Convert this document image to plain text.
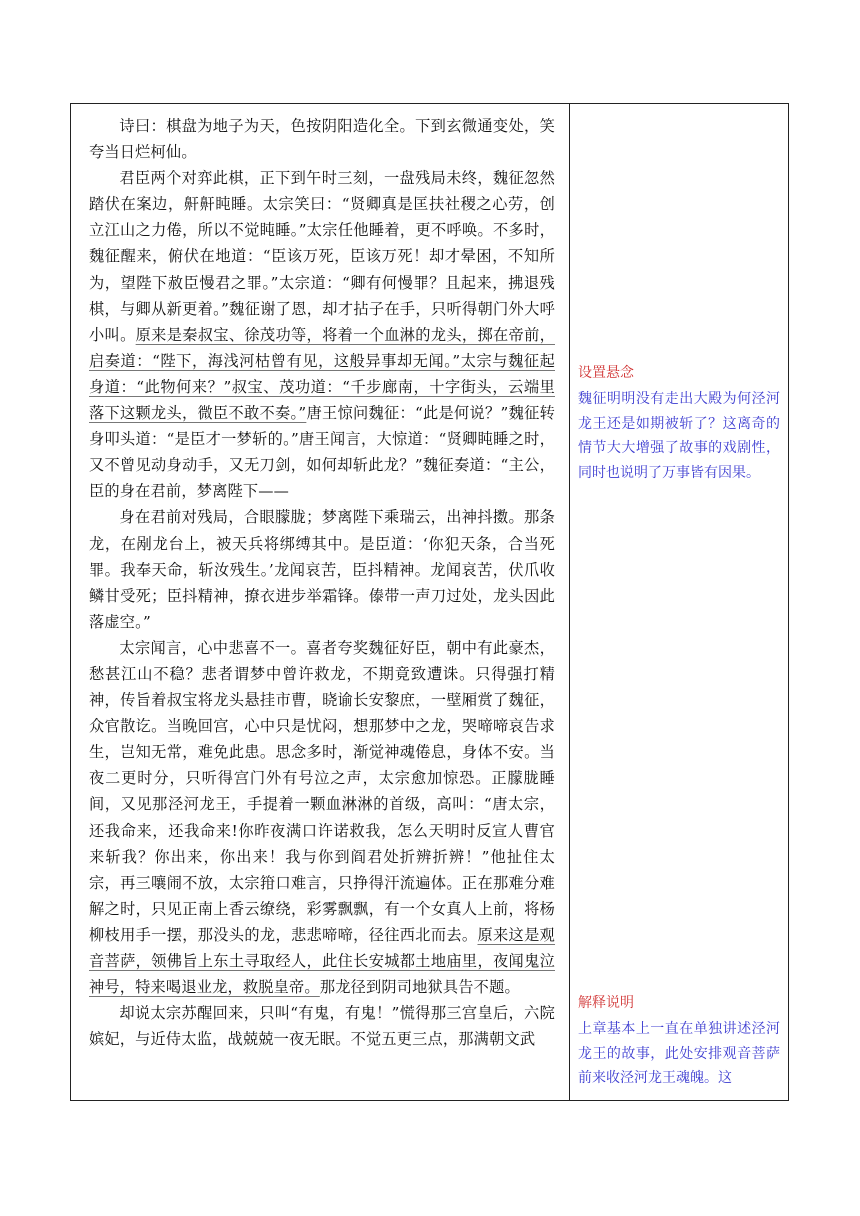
诗曰：棋盘为地子为天，色按阴阳造化全。下到玄微通变处，笑夸当日烂柯仙。

君臣两个对弈此棋，正下到午时三刻，一盘残局未终，魏征忽然踏伏在案边，鼾鼾盹睡。太宗笑曰：“贤卿真是匡扶社稷之心劳，创立江山之力倦，所以不觉盹睡。”太宗任他睡着，更不呼唤。不多时，魏征醒来，俯伏在地道：“臣该万死，臣该万死！却才晕困，不知所为，望陛下赦臣慢君之罪。”太宗道：“卿有何慢罪？且起来，拂退残棋，与卿从新更着。”魏征谢了恩，却才拈子在手，只听得朝门外大呼小叫。原来是秦叔宝、徐茂功等，将着一个血淋的龙头，掷在帝前，启奏道：“陛下，海浅河枯曾有见，这般异事却无闻。”太宗与魏征起身道：“此物何来？”叔宝、茂功道：“千步廊南，十字街头，云端里落下这颗龙头，微臣不敢不奏。”唐王惊问魏征：“此是何说？”魏征转身叩头道：“是臣才一梦斩的。”唐王闻言，大惊道：“贤卿盹睡之时，又不曾见动身动手，又无刀剑，如何却斩此龙？”魏征奏道：“主公，臣的身在君前，梦离陛下——

身在君前对残局，合眼朦胧；梦离陛下乘瑞云，出神抖擞。那条龙，在剐龙台上，被天兵将绑缚其中。是臣道：‘你犯天条，合当死罪。我奉天命，斩汝残生。’龙闻哀苦，臣抖精神。龙闻哀苦，伏爪收鳞甘受死；臣抖精神，撩衣进步举霜锋。傣带一声刀过处，龙头因此落虚空。”

太宗闻言，心中悲喜不一。喜者夸奖魏征好臣，朝中有此豪杰，愁甚江山不稳？悲者谓梦中曾许救龙，不期竟致遭诛。只得强打精神，传旨着叔宝将龙头悬挂市曹，晓谕长安黎庶，一壁厢赏了魏征，众官散讫。当晚回宫，心中只是忧闷，想那梦中之龙，哭啼啼哀告求生，岂知无常，难免此患。思念多时，渐觉神魂倦息，身体不安。当夜二更时分，只听得宫门外有号泣之声，太宗愈加惊恐。正朦胧睡间，又见那泾河龙王，手提着一颗血淋淋的首级，高叫：“唐太宗，还我命来，还我命来!你昨夜满口许诺救我，怎么天明时反宣人曹官来斩我？你出来，你出来！我与你到阎君处折辨折辨！”他扯住太宗，再三嚷闹不放，太宗箝口难言，只挣得汗流遍体。正在那难分难解之时，只见正南上香云缭绕，彩雾飘飘，有一个女真人上前，将杨柳枝用手一摆，那没头的龙，悲悲啼啼，径往西北而去。原来这是观音菩萨，领佛旨上东土寻取经人，此住长安城都土地庙里，夜闻鬼泣神号，特来喝退业龙，救脱皇帝。那龙径到阴司地狱具告不题。

却说太宗苏醒回来，只叫“有鬼，有鬼！”慌得那三宫皇后，六院嫔妃，与近侍太监，战兢兢一夜无眠。不觉五更三点，那满朝文武

设置悬念

魏征明明没有走出大殿为何泾河龙王还是如期被斩了？这离奇的情节大大增强了故事的戏剧性，同时也说明了万事皆有因果。

解释说明

上章基本上一直在单独讲述泾河龙王的故事，此处安排观音菩萨前来收泾河龙王魂魄。这
